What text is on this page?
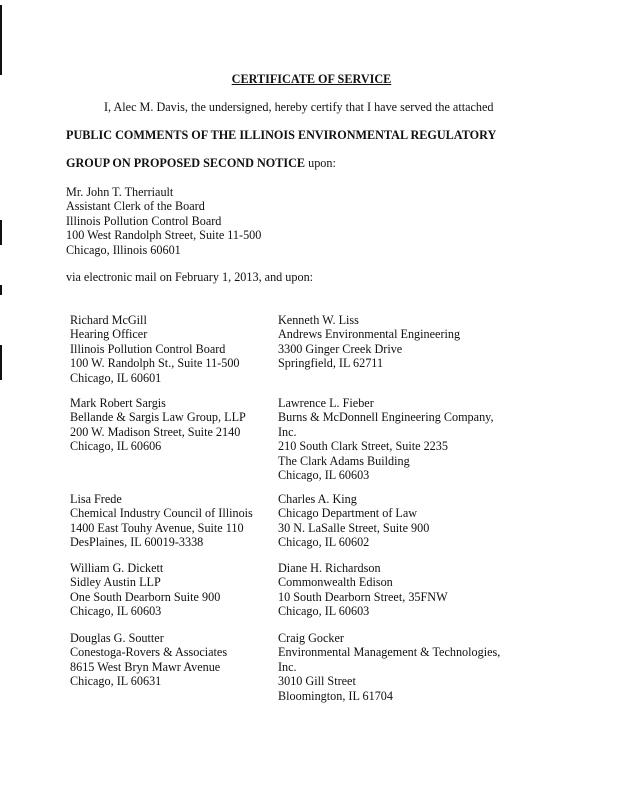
CERTIFICATE OF SERVICE
I, Alec M. Davis, the undersigned, hereby certify that I have served the attached
PUBLIC COMMENTS OF THE ILLINOIS ENVIRONMENTAL REGULATORY
GROUP ON PROPOSED SECOND NOTICE upon:
Mr. John T. Therriault
Assistant Clerk of the Board
Illinois Pollution Control Board
100 West Randolph Street, Suite 11-500
Chicago, Illinois 60601
via electronic mail on February 1, 2013, and upon:
Richard McGill
Hearing Officer
Illinois Pollution Control Board
100 W. Randolph St., Suite 11-500
Chicago, IL 60601
Kenneth W. Liss
Andrews Environmental Engineering
3300 Ginger Creek Drive
Springfield, IL 62711
Mark Robert Sargis
Bellande & Sargis Law Group, LLP
200 W. Madison Street, Suite 2140
Chicago, IL 60606
Lawrence L. Fieber
Burns & McDonnell Engineering Company,
Inc.
210 South Clark Street, Suite 2235
The Clark Adams Building
Chicago, IL 60603
Lisa Frede
Chemical Industry Council of Illinois
1400 East Touhy Avenue, Suite 110
DesPlaines, IL 60019-3338
Charles A. King
Chicago Department of Law
30 N. LaSalle Street, Suite 900
Chicago, IL 60602
William G. Dickett
Sidley Austin LLP
One South Dearborn Suite 900
Chicago, IL 60603
Diane H. Richardson
Commonwealth Edison
10 South Dearborn Street, 35FNW
Chicago, IL 60603
Douglas G. Soutter
Conestoga-Rovers & Associates
8615 West Bryn Mawr Avenue
Chicago, IL 60631
Craig Gocker
Environmental Management & Technologies,
Inc.
3010 Gill Street
Bloomington, IL 61704
